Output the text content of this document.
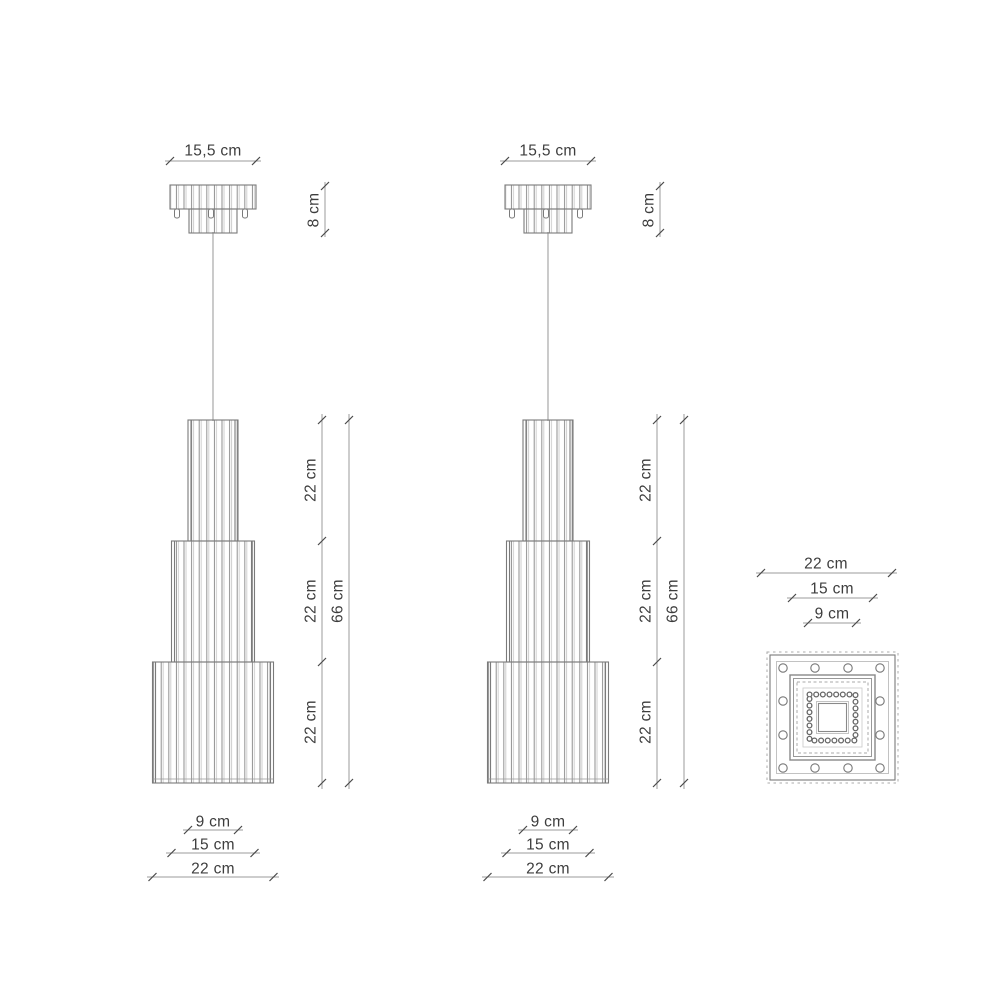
15,5 cm
8 cm
22 cm
22 cm
22 cm
66 cm
9 cm
15 cm
22 cm
15,5 cm
8 cm
22 cm
22 cm
22 cm
66 cm
9 cm
15 cm
22 cm
22 cm
15 cm
9 cm
